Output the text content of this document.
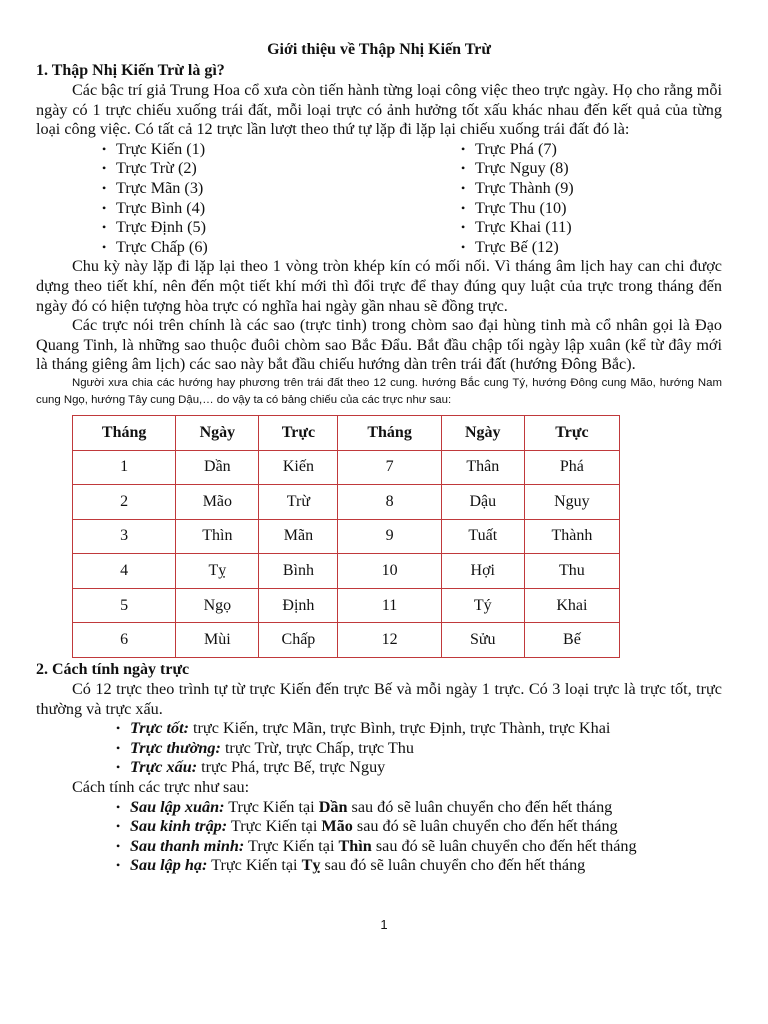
Giới thiệu về Thập Nhị Kiến Trừ
1. Thập Nhị Kiến Trừ là gì?

Các bậc trí giả Trung Hoa cổ xưa còn tiến hành từng loại công việc theo trực ngày. Họ cho rằng mỗi ngày có 1 trực chiếu xuống trái đất, mỗi loại trực có ảnh hưởng tốt xấu khác nhau đến kết quả của từng loại công việc. Có tất cả 12 trực lần lượt theo thứ tự lặp đi lặp lại chiếu xuống trái đất đó là:

• Trực Kiến (1)
• Trực Trừ (2)
• Trực Mãn (3)
• Trực Bình (4)
• Trực Định (5)
• Trực Chấp (6)
• Trực Phá (7)
• Trực Nguy (8)
• Trực Thành (9)
• Trực Thu (10)
• Trực Khai (11)
• Trực Bế (12)

Chu kỳ này lặp đi lặp lại theo 1 vòng tròn khép kín có mối nối. Vì tháng âm lịch hay can chi được dựng theo tiết khí, nên đến một tiết khí mới thì đổi trực để thay đúng quy luật của trực trong tháng đến ngày đó có hiện tượng hòa trực có nghĩa hai ngày gần nhau sẽ đồng trực.

Các trực nói trên chính là các sao (trực tinh) trong chòm sao đại hùng tinh mà cổ nhân gọi là Đạo Quang Tinh, là những sao thuộc đuôi chòm sao Bắc Đẩu. Bắt đầu chập tối ngày lập xuân (kể từ đây mới là tháng giêng âm lịch) các sao này bắt đầu chiếu hướng dàn trên trái đất (hướng Đông Bắc).

Người xưa chia các hướng hay phương trên trái đất theo 12 cung. hướng Bắc cung Tý, hướng Đông cung Mão, hướng Nam cung Ngọ, hướng Tây cung Dậu,… do vậy ta có bảng chiếu của các trực như sau:

Tháng	Ngày	Trực	Tháng	Ngày	Trực
1	Dần	Kiến	7	Thân	Phá
2	Mão	Trừ	8	Dậu	Nguy
3	Thìn	Mãn	9	Tuất	Thành
4	Tỵ	Bình	10	Hợi	Thu
5	Ngọ	Định	11	Tý	Khai
6	Mùi	Chấp	12	Sửu	Bế
2. Cách tính ngày trực

Có 12 trực theo trình tự từ trực Kiến đến trực Bế và mỗi ngày 1 trực. Có 3 loại trực là trực tốt, trực thường và trực xấu.

• Trực tốt: trực Kiến, trực Mãn, trực Bình, trực Định, trực Thành, trực Khai
• Trực thường: trực Trừ, trực Chấp, trực Thu
• Trực xấu: trực Phá, trực Bế, trực Nguy

Cách tính các trực như sau:

• Sau lập xuân: Trực Kiến tại Dần sau đó sẽ luân chuyển cho đến hết tháng
• Sau kinh trập: Trực Kiến tại Mão sau đó sẽ luân chuyển cho đến hết tháng
• Sau thanh minh: Trực Kiến tại Thìn sau đó sẽ luân chuyển cho đến hết tháng
• Sau lập hạ: Trực Kiến tại Tỵ sau đó sẽ luân chuyển cho đến hết tháng
1
